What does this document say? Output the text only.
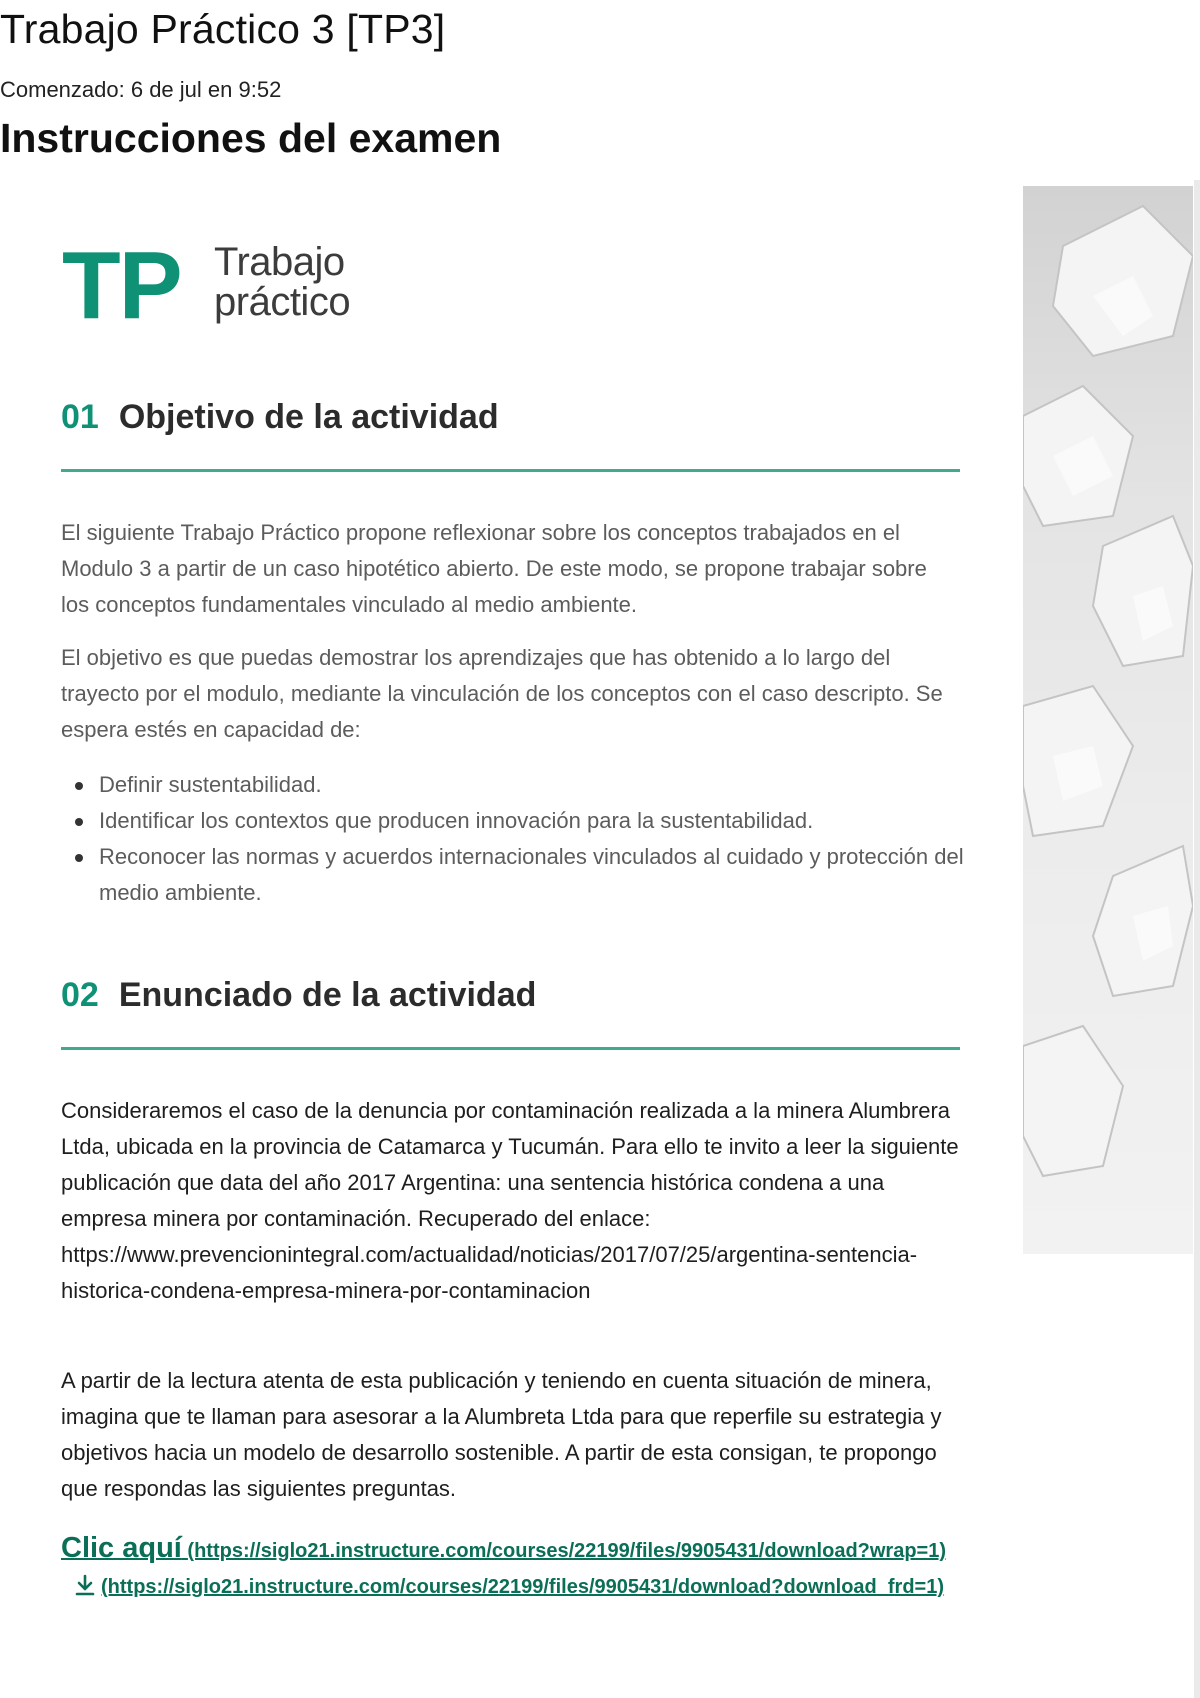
Trabajo Práctico 3 [TP3]
Comenzado: 6 de jul en 9:52
Instrucciones del examen
TP Trabajo
práctico
01 Objetivo de la actividad

El siguiente Trabajo Práctico propone reflexionar sobre los conceptos trabajados en el Modulo 3 a partir de un caso hipotético abierto. De este modo, se propone trabajar sobre los conceptos fundamentales vinculado al medio ambiente.

El objetivo es que puedas demostrar los aprendizajes que has obtenido a lo largo del trayecto por el modulo, mediante la vinculación de los conceptos con el caso descripto. Se espera estés en capacidad de:

Definir sustentabilidad.
Identificar los contextos que producen innovación para la sustentabilidad.
Reconocer las normas y acuerdos internacionales vinculados al cuidado y protección del medio ambiente.
02 Enunciado de la actividad

Consideraremos el caso de la denuncia por contaminación realizada a la minera Alumbrera Ltda, ubicada en la provincia de Catamarca y Tucumán. Para ello te invito a leer la siguiente publicación que data del año 2017 Argentina: una sentencia histórica condena a una empresa minera por contaminación. Recuperado del enlace: https://www.prevencionintegral.com/actualidad/noticias/2017/07/25/argentina-sentencia-historica-condena-empresa-minera-por-contaminacion

A partir de la lectura atenta de esta publicación y teniendo en cuenta situación de minera, imagina que te llaman para asesorar a la Alumbreta Ltda para que reperfile su estrategia y objetivos hacia un modelo de desarrollo sostenible. A partir de esta consigan, te propongo que respondas las siguientes preguntas.

Clic aquí (https://siglo21.instructure.com/courses/22199/files/9905431/download?wrap=1)(https://siglo21.instructure.com/courses/22199/files/9905431/download?download_frd=1)
